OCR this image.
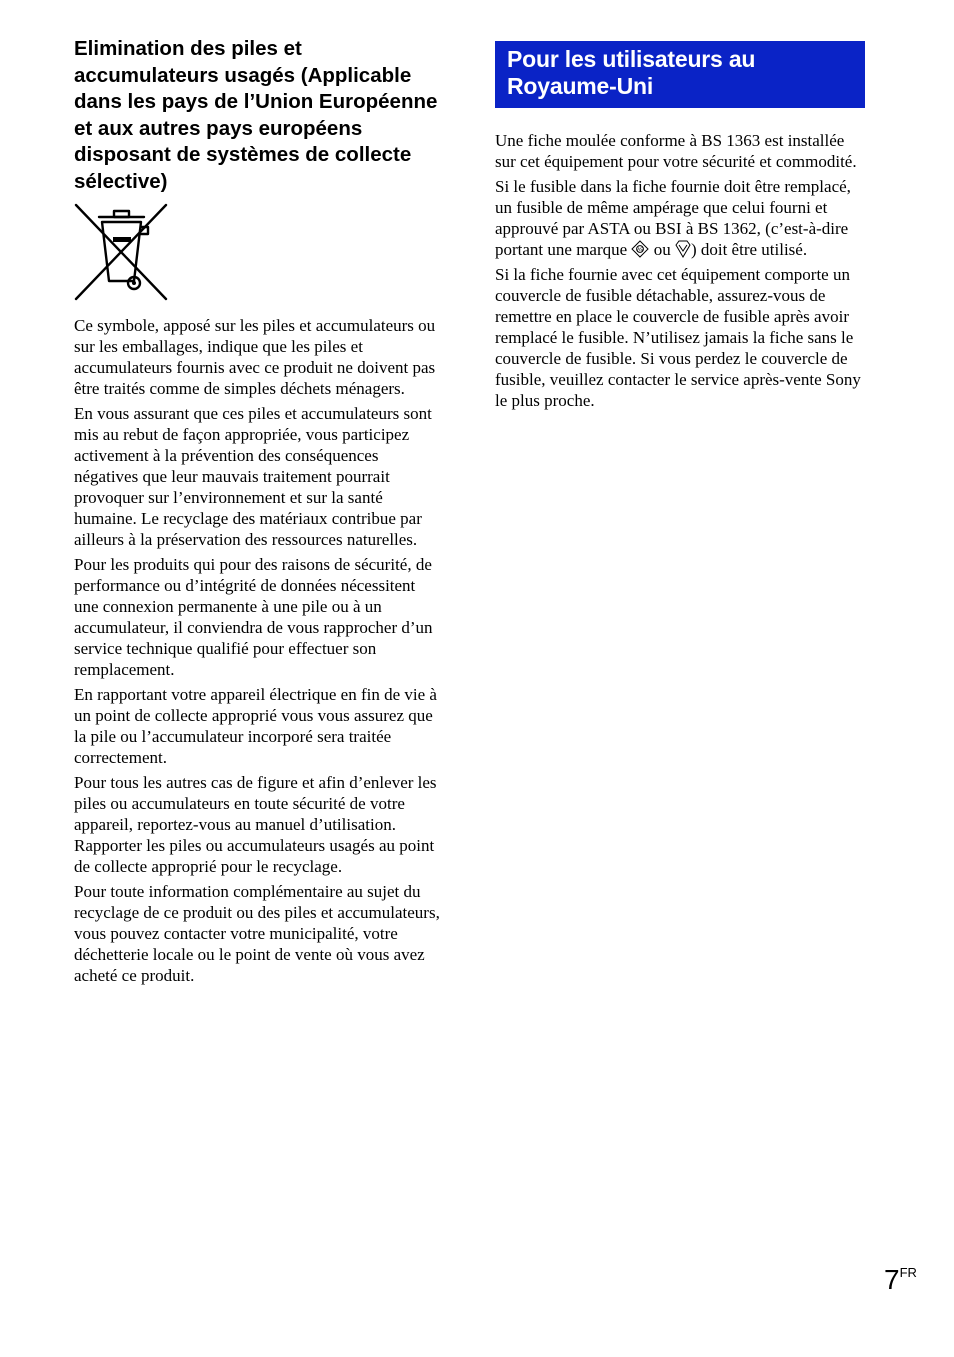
Elimination des piles et accumulateurs usagés (Applicable dans les pays de l’Union Européenne et aux autres pays européens disposant de systèmes de collecte sélective)

Ce symbole, apposé sur les piles et accumulateurs ou sur les emballages, indique que les piles et accumulateurs fournis avec ce produit ne doivent pas être traités comme de simples déchets ménagers.

En vous assurant que ces piles et accumulateurs sont mis au rebut de façon appropriée, vous participez activement à la prévention des conséquences négatives que leur mauvais traitement pourrait provoquer sur l’environnement et sur la santé humaine. Le recyclage des matériaux contribue par ailleurs à la préservation des ressources naturelles.

Pour les produits qui pour des raisons de sécurité, de performance ou d’intégrité de données nécessitent une connexion permanente à une pile ou à un accumulateur, il conviendra de vous rapprocher d’un service technique qualifié pour effectuer son remplacement.

En rapportant votre appareil électrique en fin de vie à un point de collecte approprié vous vous assurez que la pile ou l’accumulateur incorporé sera traitée correctement.

Pour tous les autres cas de figure et afin d’enlever les piles ou accumulateurs en toute sécurité de votre appareil, reportez-vous au manuel d’utilisation. Rapporter les piles ou accumulateurs usagés au point de collecte approprié pour le recyclage.

Pour toute information complémentaire au sujet du recyclage de ce produit ou des piles et accumulateurs, vous pouvez contacter votre municipalité, votre déchetterie locale ou le point de vente où vous avez acheté ce produit.

Pour les utilisateurs au Royaume-Uni

Une fiche moulée conforme à BS 1363 est installée sur cet équipement pour votre sécurité et commodité.

Si le fusible dans la fiche fournie doit être remplacé, un fusible de même ampérage que celui fourni et approuvé par ASTA ou BSI à BS 1362, (c’est-à-dire portant une marque AS ou ) doit être utilisé.

Si la fiche fournie avec cet équipement comporte un couvercle de fusible détachable, assurez-vous de remettre en place le couvercle de fusible après avoir remplacé le fusible. N’utilisez jamais la fiche sans le couvercle de fusible. Si vous perdez le couvercle de fusible, veuillez contacter le service après-vente Sony le plus proche.

$7^{FR}$
